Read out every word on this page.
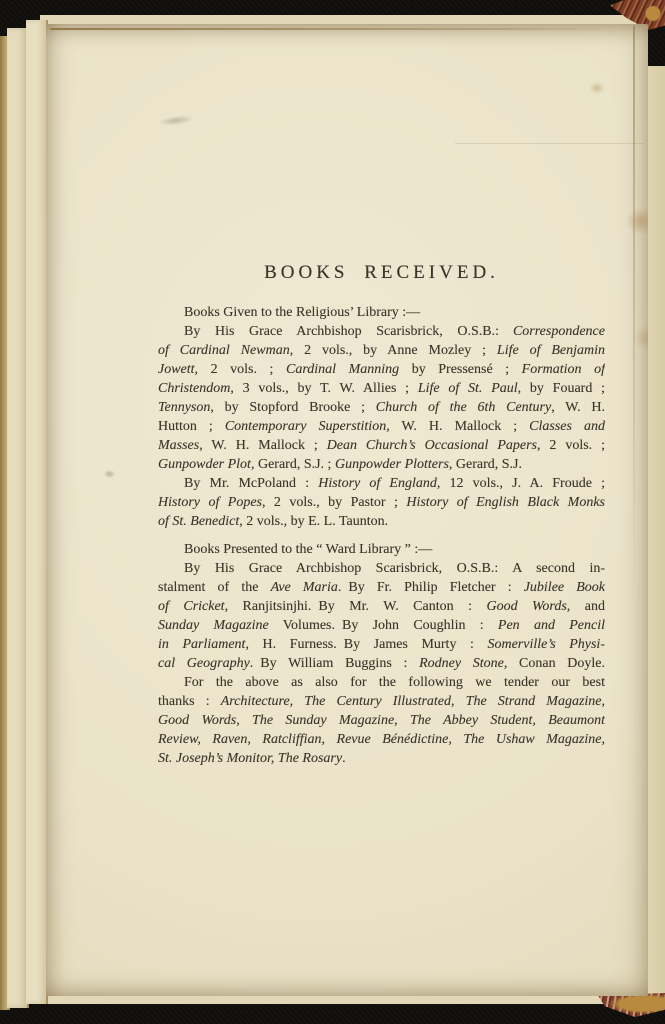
BOOKS RECEIVED.
Books Given to the Religious’ Library :—
By His Grace Archbishop Scarisbrick, O.S.B.: Correspondence
of Cardinal Newman, 2 vols., by Anne Mozley ; Life of Benjamin
Jowett, 2 vols. ; Cardinal Manning by Pressensé ; Formation of
Christendom, 3 vols., by T. W. Allies ; Life of St. Paul, by Fouard ;
Tennyson, by Stopford Brooke ; Church of the 6th Century, W. H.
Hutton ; Contemporary Superstition, W. H. Mallock ; Classes and
Masses, W. H. Mallock ; Dean Church’s Occasional Papers, 2 vols. ;
Gunpowder Plot, Gerard, S.J. ; Gunpowder Plotters, Gerard, S.J.
By Mr. McPoland : History of England, 12 vols., J. A. Froude ;
History of Popes, 2 vols., by Pastor ; History of English Black Monks
of St. Benedict, 2 vols., by E. L. Taunton.
Books Presented to the “ Ward Library ” :—
By His Grace Archbishop Scarisbrick, O.S.B.: A second in-
stalment of the Ave Maria. By Fr. Philip Fletcher : Jubilee Book
of Cricket, Ranjitsinjhi. By Mr. W. Canton : Good Words, and
Sunday Magazine Volumes. By John Coughlin : Pen and Pencil
in Parliament, H. Furness. By James Murty : Somerville’s Physi-
cal Geography. By William Buggins : Rodney Stone, Conan Doyle.
For the above as also for the following we tender our best
thanks : Architecture, The Century Illustrated, The Strand Magazine,
Good Words, The Sunday Magazine, The Abbey Student, Beaumont
Review, Raven, Ratcliffian, Revue Bénédictine, The Ushaw Magazine,
St. Joseph’s Monitor, The Rosary.
